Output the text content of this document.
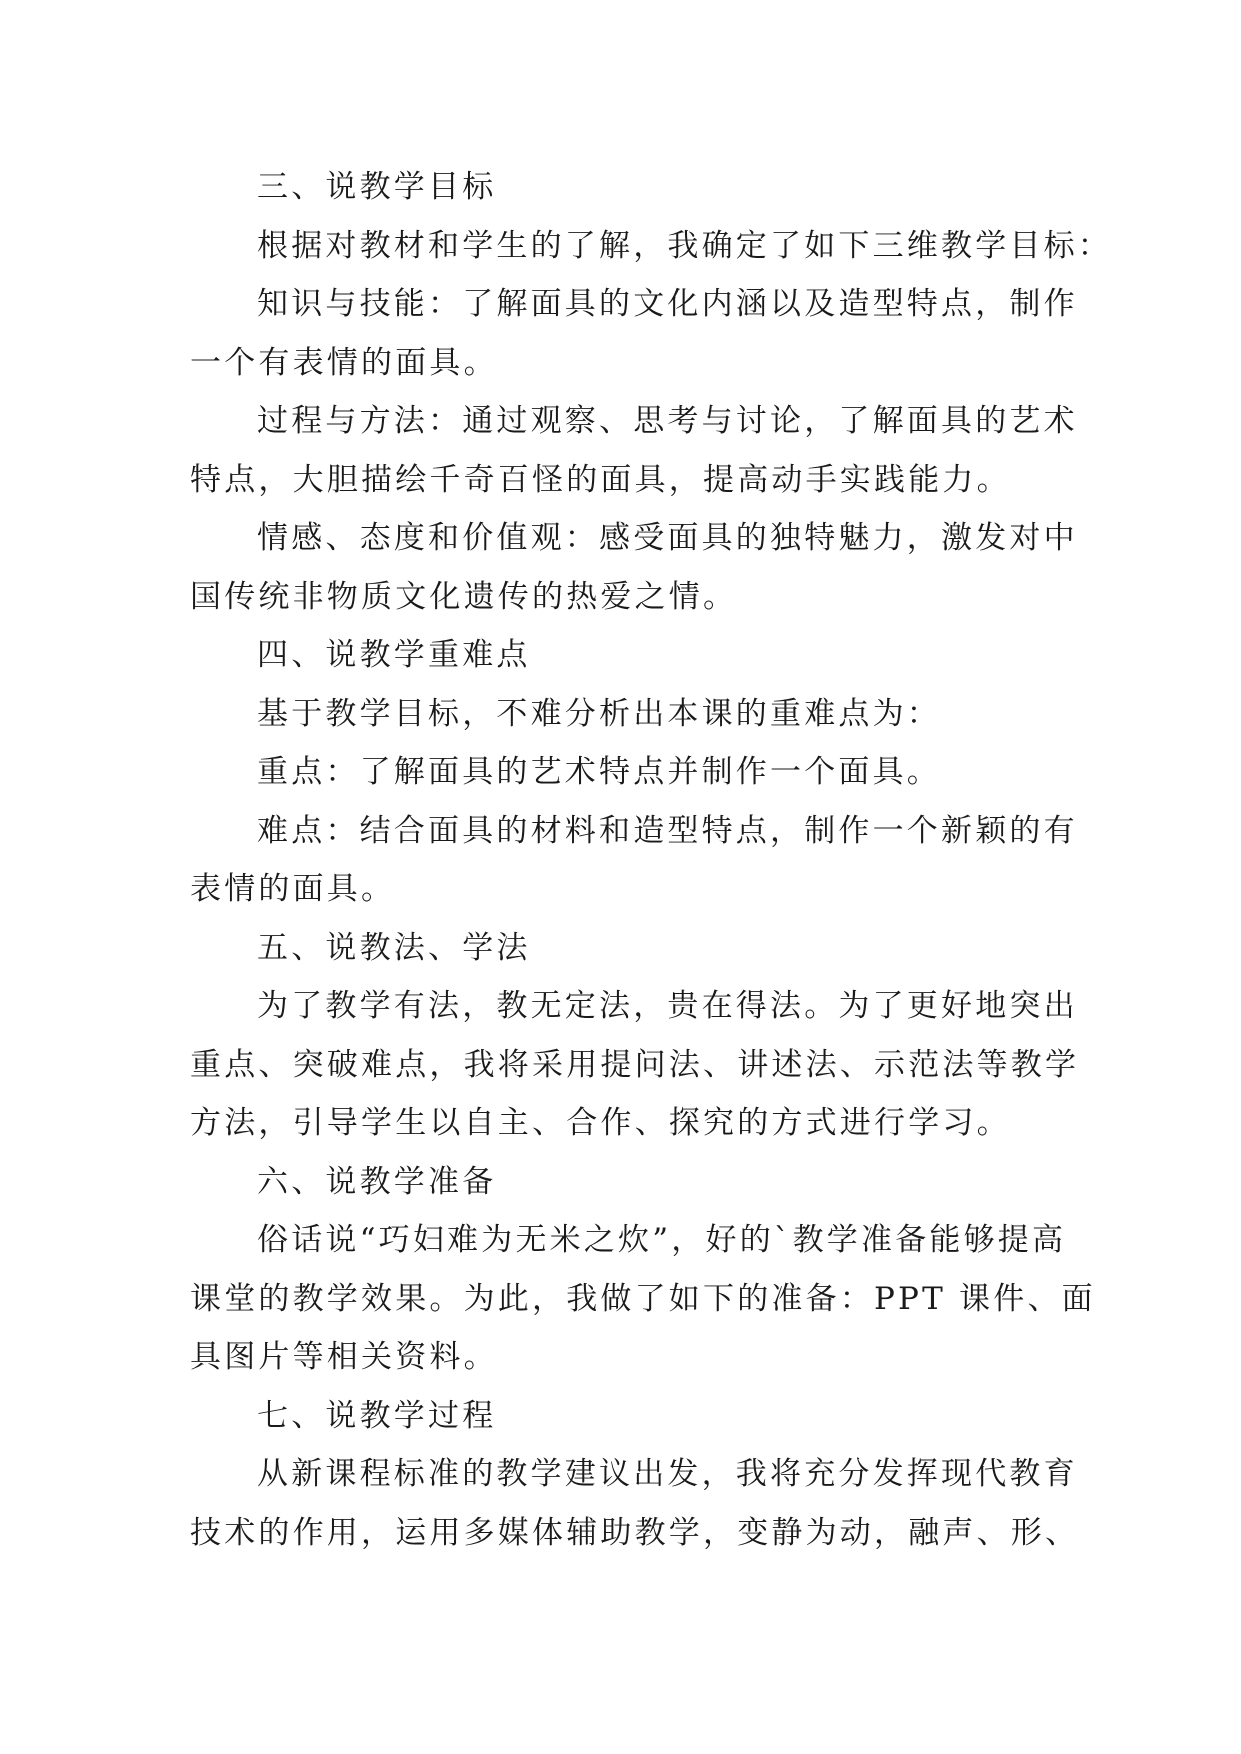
三、说教学目标
根据对教材和学生的了解，我确定了如下三维教学目标：
知识与技能：了解面具的文化内涵以及造型特点，制作
一个有表情的面具。
过程与方法：通过观察、思考与讨论，了解面具的艺术
特点，大胆描绘千奇百怪的面具，提高动手实践能力。
情感、态度和价值观：感受面具的独特魅力，激发对中
国传统非物质文化遗传的热爱之情。
四、说教学重难点
基于教学目标，不难分析出本课的重难点为：
重点：了解面具的艺术特点并制作一个面具。
难点：结合面具的材料和造型特点，制作一个新颖的有
表情的面具。
五、说教法、学法
为了教学有法，教无定法，贵在得法。为了更好地突出
重点、突破难点，我将采用提问法、讲述法、示范法等教学
方法，引导学生以自主、合作、探究的方式进行学习。
六、说教学准备
俗话说“巧妇难为无米之炊”，好的`教学准备能够提高
课堂的教学效果。为此，我做了如下的准备：PPT 课件、面
具图片等相关资料。
七、说教学过程
从新课程标准的教学建议出发，我将充分发挥现代教育
技术的作用，运用多媒体辅助教学，变静为动，融声、形、
